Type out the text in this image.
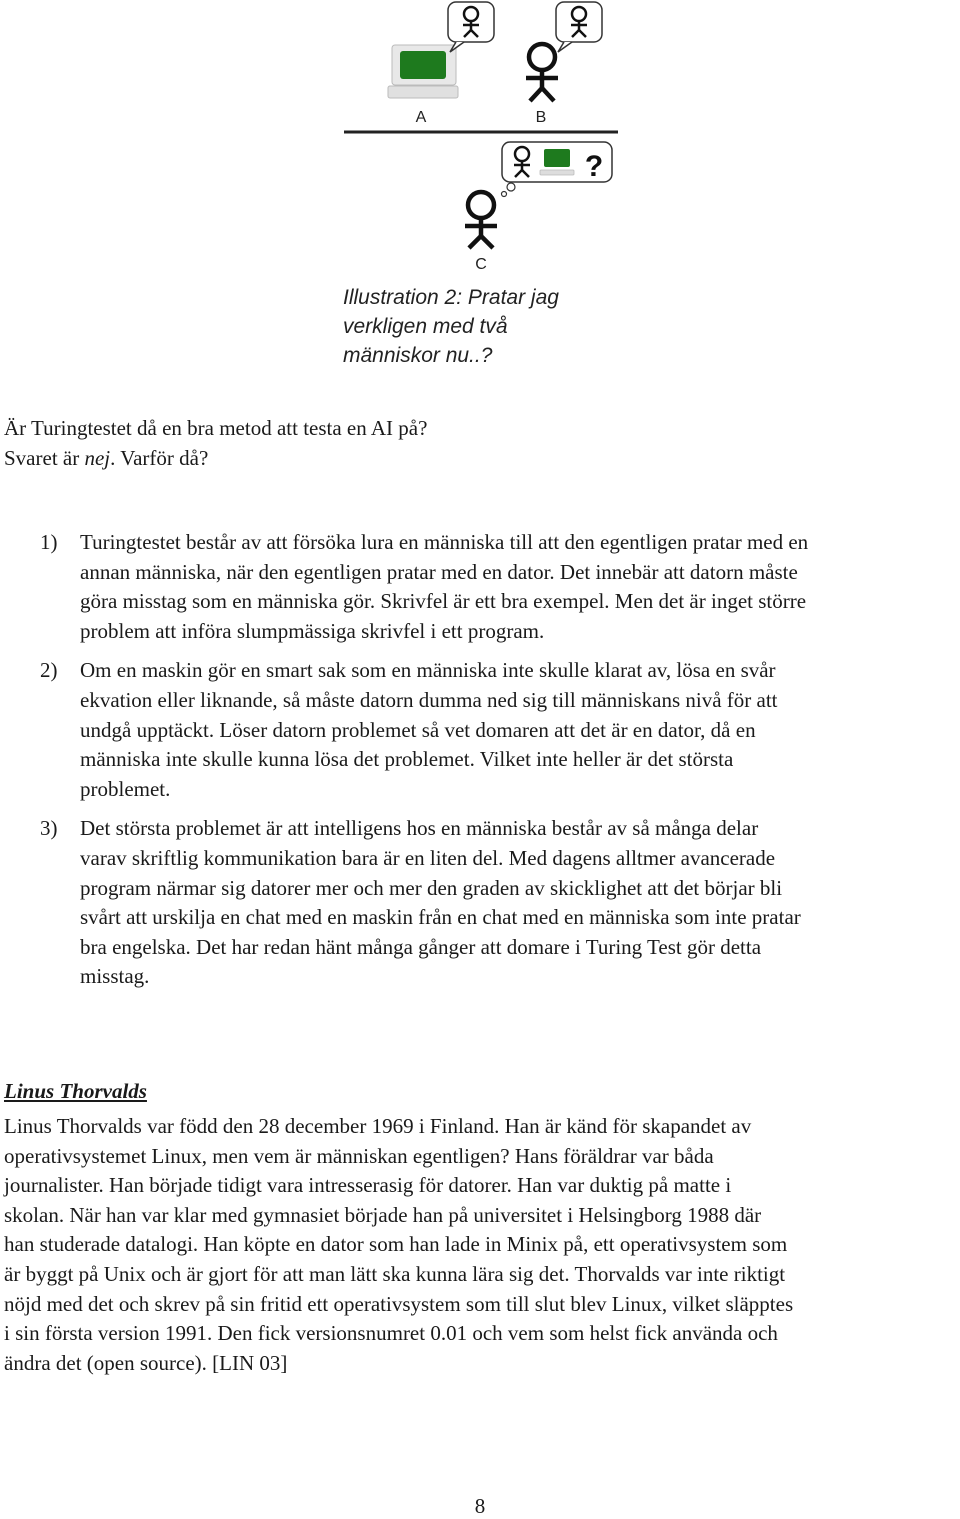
A	B
?
C
Illustration 2: Pratar jag
verkligen med två
människor nu..?
Är Turingtestet då en bra metod att testa en AI på?
Svaret är nej. Varför då?
1) Turingtestet består av att försöka lura en människa till att den egentligen pratar med en
annan människa, när den egentligen pratar med en dator. Det innebär att datorn måste
göra misstag som en människa gör. Skrivfel är ett bra exempel. Men det är inget större
problem att införa slumpmässiga skrivfel i ett program.
2) Om en maskin gör en smart sak som en människa inte skulle klarat av, lösa en svår
ekvation eller liknande, så måste datorn dumma ned sig till människans nivå för att
undgå upptäckt. Löser datorn problemet så vet domaren att det är en dator, då en
människa inte skulle kunna lösa det problemet. Vilket inte heller är det största
problemet.
3) Det största problemet är att intelligens hos en människa består av så många delar
varav skriftlig kommunikation bara är en liten del. Med dagens alltmer avancerade
program närmar sig datorer mer och mer den graden av skicklighet att det börjar bli
svårt att urskilja en chat med en maskin från en chat med en människa som inte pratar
bra engelska. Det har redan hänt många gånger att domare i Turing Test gör detta
misstag.
Linus Thorvalds
Linus Thorvalds var född den 28 december 1969 i Finland. Han är känd för skapandet av
operativsystemet Linux, men vem är människan egentligen? Hans föräldrar var båda
journalister. Han började tidigt vara intresserasig för datorer. Han var duktig på matte i
skolan. När han var klar med gymnasiet började han på universitet i Helsingborg 1988 där
han studerade datalogi. Han köpte en dator som han lade in Minix på, ett operativsystem som
är byggt på Unix och är gjort för att man lätt ska kunna lära sig det. Thorvalds var inte riktigt
nöjd med det och skrev på sin fritid ett operativsystem som till slut blev Linux, vilket släpptes
i sin första version 1991. Den fick versionsnumret 0.01 och vem som helst fick använda och
ändra det (open source). [LIN 03]
8
